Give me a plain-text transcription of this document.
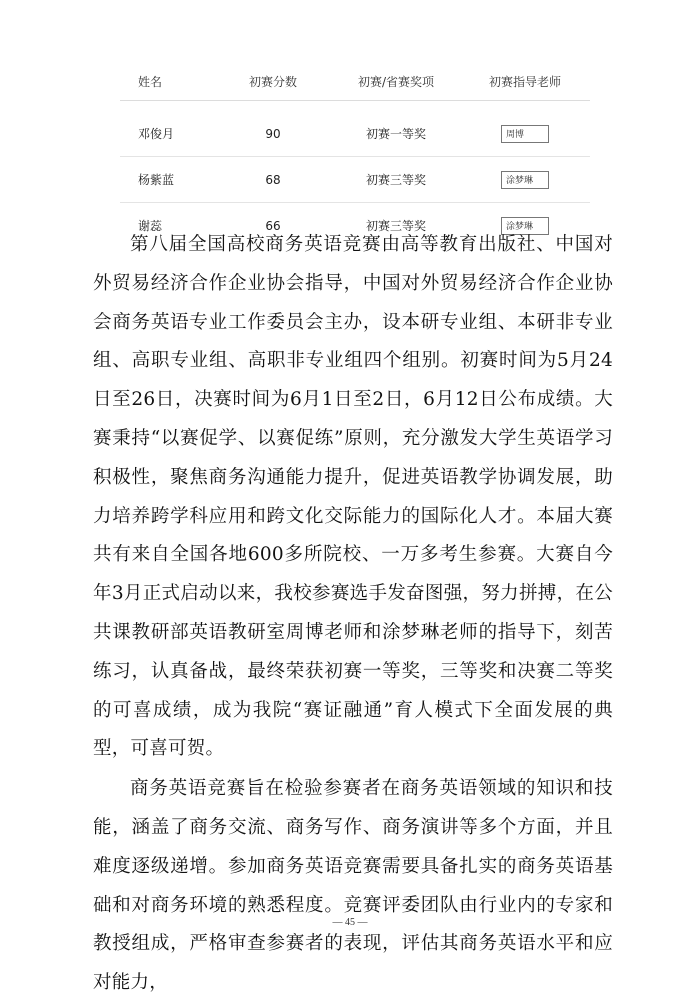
姓名	初赛分数	初赛/省赛奖项	初赛指导老师
邓俊月	90	初赛一等奖	周博
杨紫蓝	68	初赛三等奖	涂梦琳
谢蕊	66	初赛三等奖	涂梦琳

第八届全国高校商务英语竞赛由高等教育出版社、中国对外贸易经济合作企业协会指导，中国对外贸易经济合作企业协会商务英语专业工作委员会主办，设本研专业组、本研非专业组、高职专业组、高职非专业组四个组别。初赛时间为5月24日至26日，决赛时间为6月1日至2日，6月12日公布成绩。大赛秉持“以赛促学、以赛促练”原则，充分激发大学生英语学习积极性，聚焦商务沟通能力提升，促进英语教学协调发展，助力培养跨学科应用和跨文化交际能力的国际化人才。本届大赛共有来自全国各地600多所院校、一万多考生参赛。大赛自今年3月正式启动以来，我校参赛选手发奋图强，努力拼搏，在公共课教研部英语教研室周博老师和涂梦琳老师的指导下，刻苦练习，认真备战，最终荣获初赛一等奖，三等奖和决赛二等奖的可喜成绩，成为我院“赛证融通”育人模式下全面发展的典型，可喜可贺。

商务英语竞赛旨在检验参赛者在商务英语领域的知识和技能，涵盖了商务交流、商务写作、商务演讲等多个方面，并且难度逐级递增。参加商务英语竞赛需要具备扎实的商务英语基础和对商务环境的熟悉程度。竞赛评委团队由行业内的专家和教授组成，严格审查参赛者的表现，评估其商务英语水平和应对能力，

— 45 —
